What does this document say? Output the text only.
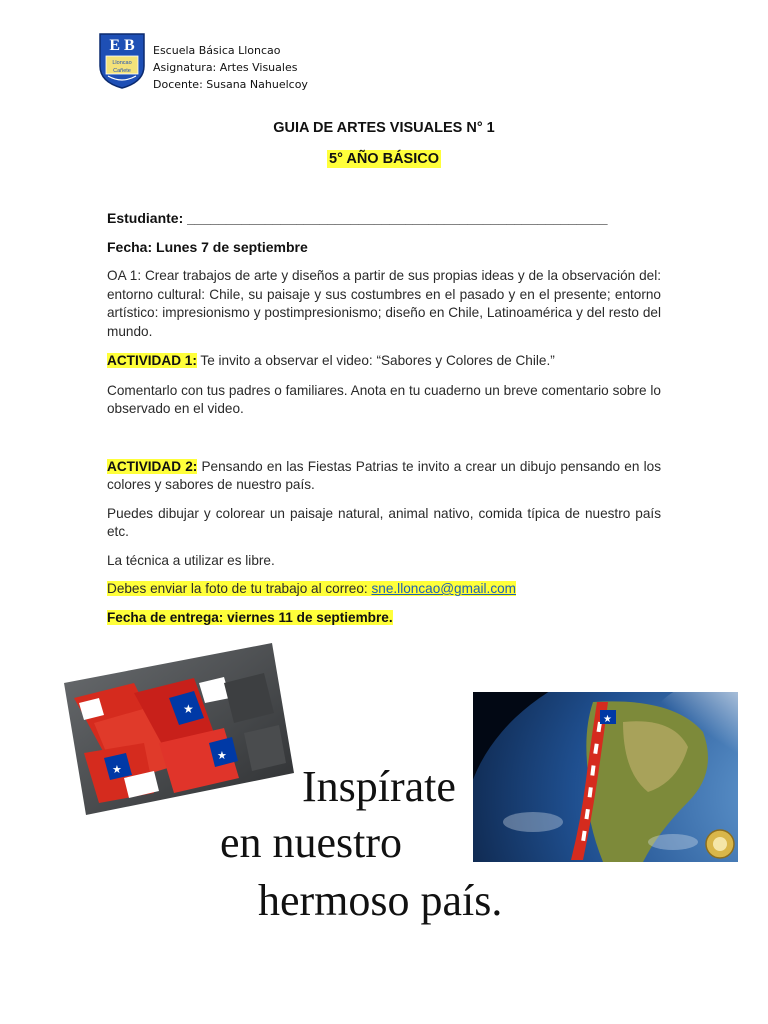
E B
Lloncao
Cañete
Escuela Básica Lloncao
Asignatura: Artes Visuales
Docente: Susana Nahuelcoy
GUIA DE ARTES VISUALES N° 1
5° AÑO BÁSICO

Estudiante: ______________________________________________________

Fecha: Lunes 7 de septiembre

OA 1: Crear trabajos de arte y diseños a partir de sus propias ideas y de la observación del: entorno cultural: Chile, su paisaje y sus costumbres en el pasado y en el presente; entorno artístico: impresionismo y postimpresionismo; diseño en Chile, Latinoamérica y del resto del mundo.

ACTIVIDAD 1: Te invito a observar el video: “Sabores y Colores de Chile.”

Comentarlo con tus padres o familiares. Anota en tu cuaderno un breve comentario sobre lo observado en el video.

ACTIVIDAD 2: Pensando en las Fiestas Patrias te invito a crear un dibujo pensando en los colores y sabores de nuestro país.

Puedes dibujar y colorear un paisaje natural, animal nativo, comida típica de nuestro país etc.

La técnica a utilizar es libre.

Debes enviar la foto de tu trabajo al correo: sne.lloncao@gmail.com

Fecha de entrega: viernes 11 de septiembre.

★
★
★
★
Inspírate
en nuestro
hermoso país.
